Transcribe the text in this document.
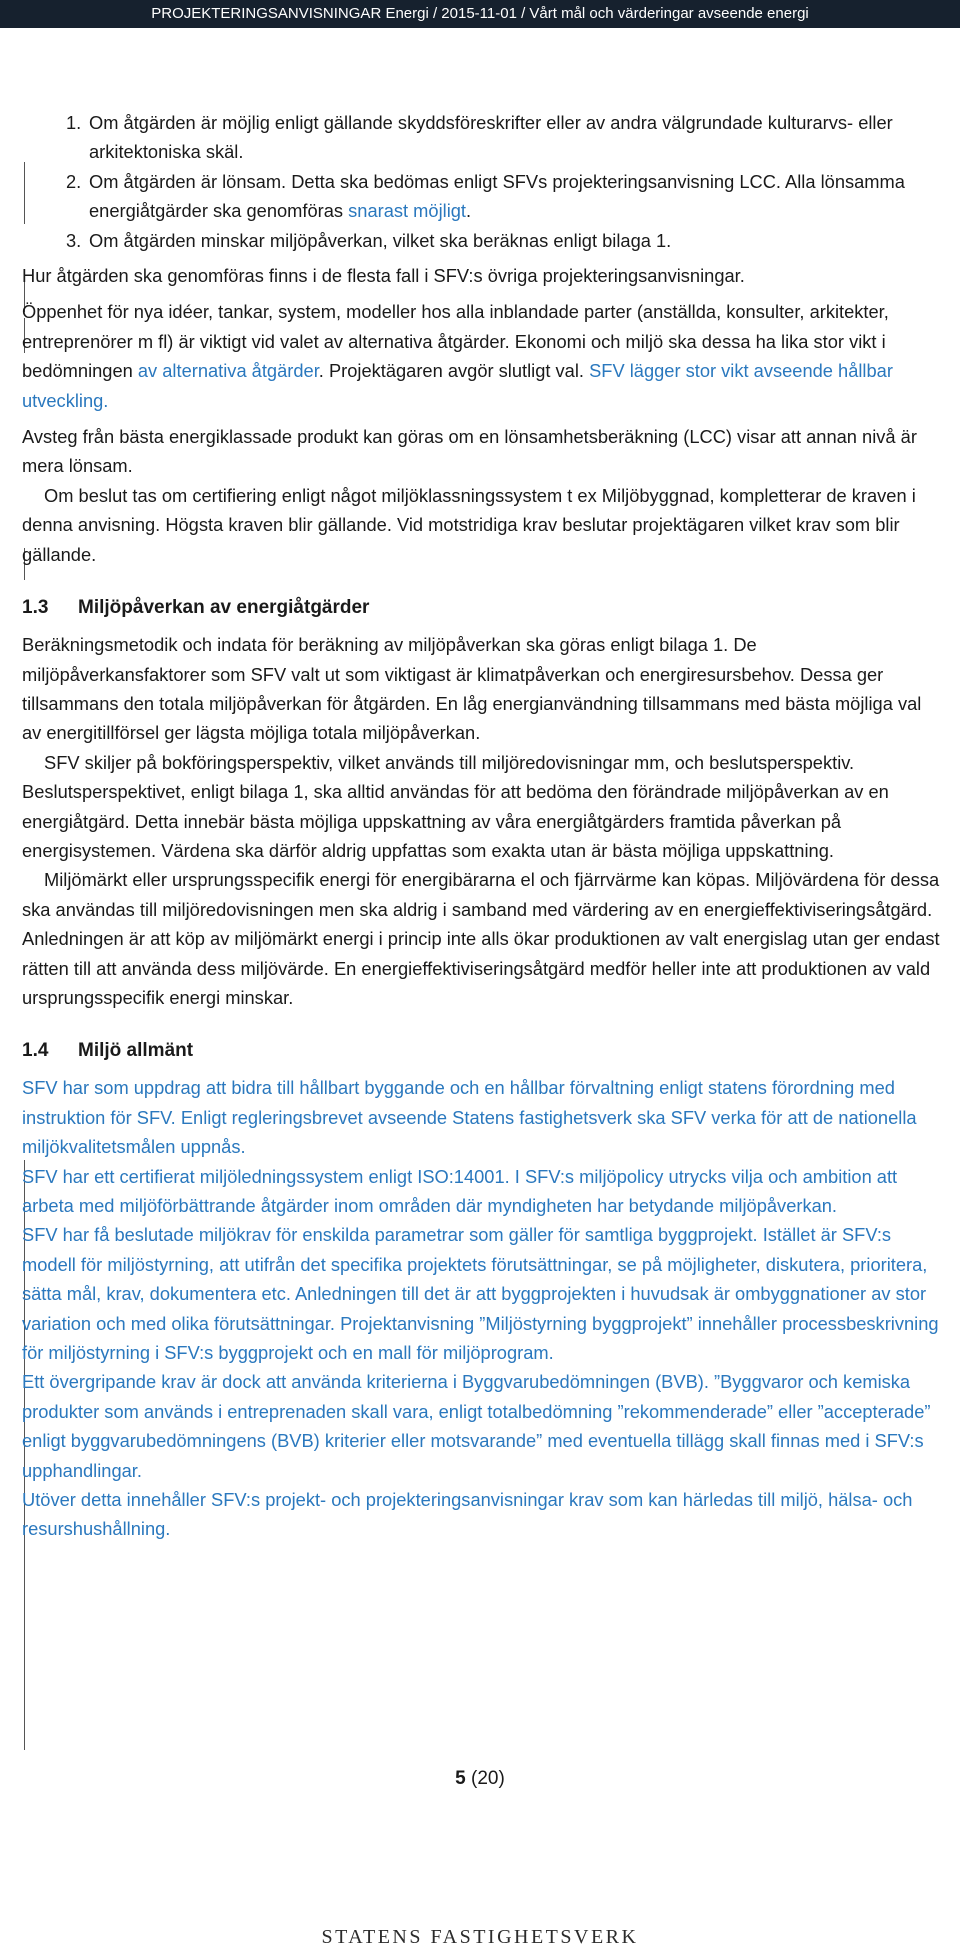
PROJEKTERINGSANVISNINGAR Energi / 2015-11-01 / Vårt mål och värderingar avseende energi
1. Om åtgärden är möjlig enligt gällande skyddsföreskrifter eller av andra välgrundade kulturarvs- eller arkitektoniska skäl.
2. Om åtgärden är lönsam. Detta ska bedömas enligt SFVs projekteringsanvisning LCC. Alla lönsamma energiåtgärder ska genomföras snarast möjligt.
3. Om åtgärden minskar miljöpåverkan, vilket ska beräknas enligt bilaga 1.

Hur åtgärden ska genomföras finns i de flesta fall i SFV:s övriga projekteringsanvisningar.

Öppenhet för nya idéer, tankar, system, modeller hos alla inblandade parter (anställda, konsulter, arkitekter, entreprenörer m fl) är viktigt vid valet av alternativa åtgärder. Ekonomi och miljö ska dessa ha lika stor vikt i bedömningen av alternativa åtgärder. Projektägaren avgör slutligt val. SFV lägger stor vikt avseende hållbar utveckling.

Avsteg från bästa energiklassade produkt kan göras om en lönsamhetsberäkning (LCC) visar att annan nivå är mera lönsam.

Om beslut tas om certifiering enligt något miljöklassningssystem t ex Miljöbyggnad, kompletterar de kraven i denna anvisning. Högsta kraven blir gällande. Vid motstridiga krav beslutar projektägaren vilket krav som blir gällande.

1.3 Miljöpåverkan av energiåtgärder

Beräkningsmetodik och indata för beräkning av miljöpåverkan ska göras enligt bilaga 1. De miljöpåverkansfaktorer som SFV valt ut som viktigast är klimatpåverkan och energiresursbehov. Dessa ger tillsammans den totala miljöpåverkan för åtgärden. En låg energianvändning tillsammans med bästa möjliga val av energitillförsel ger lägsta möjliga totala miljöpåverkan.

SFV skiljer på bokföringsperspektiv, vilket används till miljöredovisningar mm, och beslutsperspektiv. Beslutsperspektivet, enligt bilaga 1, ska alltid användas för att bedöma den förändrade miljöpåverkan av en energiåtgärd. Detta innebär bästa möjliga uppskattning av våra energiåtgärders framtida påverkan på energisystemen. Värdena ska därför aldrig uppfattas som exakta utan är bästa möjliga uppskattning.

Miljömärkt eller ursprungsspecifik energi för energibärarna el och fjärrvärme kan köpas. Miljövärdena för dessa ska användas till miljöredovisningen men ska aldrig i samband med värdering av en energieffektiviseringsåtgärd. Anledningen är att köp av miljömärkt energi i princip inte alls ökar produktionen av valt energislag utan ger endast rätten till att använda dess miljövärde. En energieffektiviseringsåtgärd medför heller inte att produktionen av vald ursprungsspecifik energi minskar.

1.4 Miljö allmänt

SFV har som uppdrag att bidra till hållbart byggande och en hållbar förvaltning enligt statens förordning med instruktion för SFV. Enligt regleringsbrevet avseende Statens fastighetsverk ska SFV verka för att de nationella miljökvalitetsmålen uppnås.

SFV har ett certifierat miljöledningssystem enligt ISO:14001. I SFV:s miljöpolicy utrycks vilja och ambition att arbeta med miljöförbättrande åtgärder inom områden där myndigheten har betydande miljöpåverkan.

SFV har få beslutade miljökrav för enskilda parametrar som gäller för samtliga byggprojekt. Istället är SFV:s modell för miljöstyrning, att utifrån det specifika projektets förutsättningar, se på möjligheter, diskutera, prioritera, sätta mål, krav, dokumentera etc. Anledningen till det är att byggprojekten i huvudsak är ombyggnationer av stor variation och med olika förutsättningar. Projektanvisning ”Miljöstyrning byggprojekt” innehåller processbeskrivning för miljöstyrning i SFV:s byggprojekt och en mall för miljöprogram.

Ett övergripande krav är dock att använda kriterierna i Byggvarubedömningen (BVB). ”Byggvaror och kemiska produkter som används i entreprenaden skall vara, enligt totalbedömning ”rekommenderade” eller ”accepterade” enligt byggvarubedömningens (BVB) kriterier eller motsvarande” med eventuella tillägg skall finnas med i SFV:s upphandlingar.

Utöver detta innehåller SFV:s projekt- och projekteringsanvisningar krav som kan härledas till miljö, hälsa- och resurshushållning.

5 (20)
STATENS FASTIGHETSVERK
